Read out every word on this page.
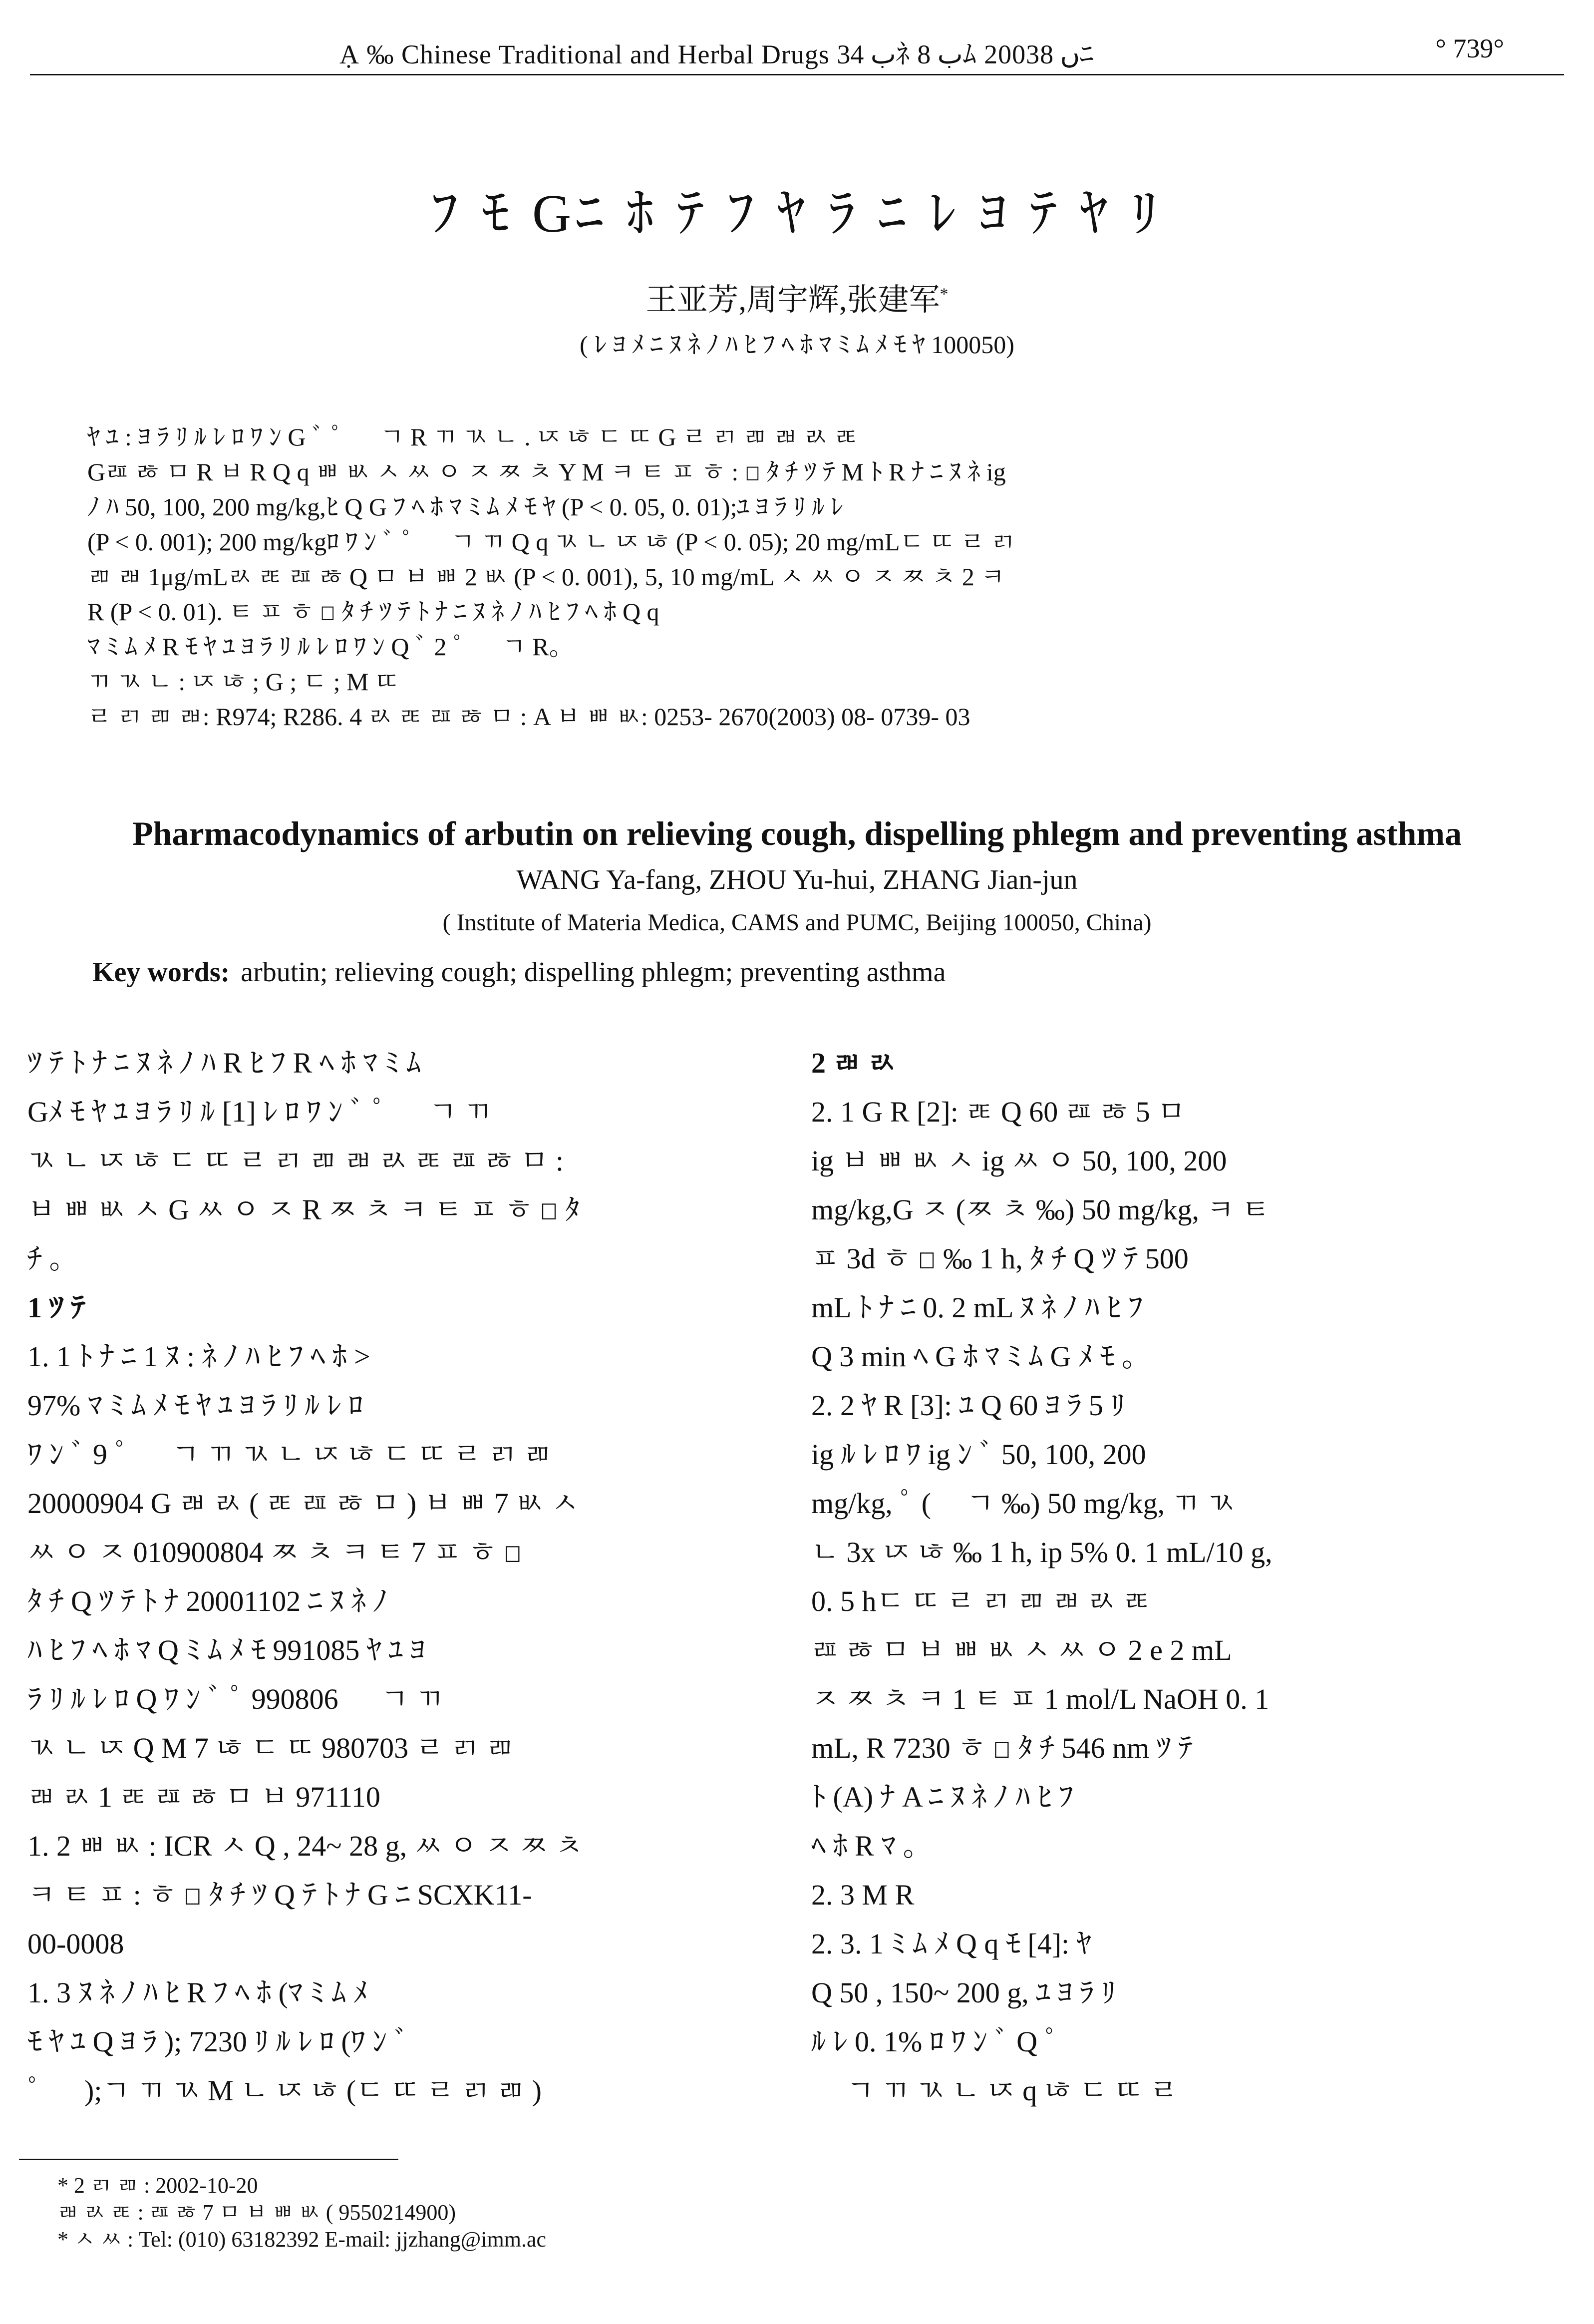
Ạ ‰ Chinese Traditional and Herbal Drugs ب 34ﾈ ب 8ﾑ 2003ں 8ﾆ	° 739°
ﾌ ﾓ Gﾆ ﾎ ﾃ ﾌ ﾔ ﾗ ﾆ ﾚ ﾖ ﾃ ﾔ ﾘ
王亚芳,周宇辉,张建军*
( ﾚ ﾖ ﾒ ﾆ ﾇ ﾈ ﾉ ﾊ ﾋ ﾌ ﾍ ﾎ ﾏ ﾐ ﾑ ﾒ ﾓ ﾔ 100050)
ﾔ ﾕ : ﾖ ﾗ ﾘ ﾙ ﾚ ﾛ ﾜ ﾝ G ﾞ ﾟ ﾠ ﾡ R ﾢ ﾣ ﾤ . ﾥ ﾦ ﾧ ﾨ G ﾩ ﾪ ﾫ ﾬ ﾭ ﾮ
Gﾯ ﾰ ﾱ R ﾲ R Q q ﾳ ﾴ ﾵ ﾶ ﾷ ﾸ ﾹ ﾺ Y M ﾻ ﾼ ﾽ ﾾ : ﾿ ﾀ ﾁ ﾂ ﾃ M ﾄ R ﾅ ﾆ ﾇ ﾈ ig
ﾉ ﾊ 50, 100, 200 mg/kg,ﾋ Q G ﾌ ﾍ ﾎ ﾏ ﾐ ﾑ ﾒ ﾓ ﾔ (P < 0. 05, 0. 01);ﾕ ﾖ ﾗ ﾘ ﾙ ﾚ
(P < 0. 001); 200 mg/kgﾛ ﾜ ﾝ ﾞ ﾟ ﾠ ﾡ ﾢ Q q ﾣ ﾤ ﾥ ﾦ (P < 0. 05); 20 mg/mLﾧ ﾨ ﾩ ﾪ
ﾫ ﾬ 1μg/mLﾭ ﾮ ﾯ ﾰ Q ﾱ ﾲ ﾳ 2 ﾴ (P < 0. 001), 5, 10 mg/mL ﾵ ﾶ ﾷ ﾸ ﾹ ﾺ 2 ﾻ
R (P < 0. 01). ﾼ ﾽ ﾾ ﾿ ﾀ ﾁ ﾂ ﾃ ﾄ ﾅ ﾆ ﾇ ﾈ ﾉ ﾊ ﾋ ﾌ ﾍ ﾎ Q q
ﾏ ﾐ ﾑ ﾒ R ﾓ ﾔ ﾕ ﾖ ﾗ ﾘ ﾙ ﾚ ﾛ ﾜ ﾝ Q ﾞ 2 ﾟ ﾠ ﾡ R。
ﾢ ﾣ ﾤ : ﾥ ﾦ ; G ; ﾧ ; M ﾨ
ﾩ ﾪ ﾫ ﾬ: R974; R286. 4 ﾭ ﾮ ﾯ ﾰ ﾱ : A ﾲ ﾳ ﾴ: 0253- 2670(2003) 08- 0739- 03
Pharmacodynamics of arbutin on relieving cough, dispelling phlegm and preventing asthma
WANG Ya-fang, ZHOU Yu-hui, ZHANG Jian-jun
( Institute of Materia Medica, CAMS and PUMC, Beijing 100050, China)
Key words: arbutin; relieving cough; dispelling phlegm; preventing asthma
ﾂ ﾃ ﾄ ﾅ ﾆ ﾇ ﾈ ﾉ ﾊ R ﾋ ﾌ R ﾍ ﾎ ﾏ ﾐ ﾑ
Gﾒ ﾓ ﾔ ﾕ ﾖ ﾗ ﾘ ﾙ [1] ﾚ ﾛ ﾜ ﾝ ﾞ ﾟ ﾠ ﾡ ﾢ
ﾣ ﾤ ﾥ ﾦ ﾧ ﾨ ﾩ ﾪ ﾫ ﾬ ﾭ ﾮ ﾯ ﾰ ﾱ :
ﾲ ﾳ ﾴ ﾵ G ﾶ ﾷ ﾸ R ﾹ ﾺ ﾻ ﾼ ﾽ ﾾ ﾿ ﾀ
ﾁ 。
1 ﾂ ﾃ
1. 1 ﾄ ﾅ ﾆ 1 ﾇ : ﾈ ﾉ ﾊ ﾋ ﾌ ﾍ ﾎ >
97% ﾏ ﾐ ﾑ ﾒ ﾓ ﾔ ﾕ ﾖ ﾗ ﾘ ﾙ ﾚ ﾛ
ﾜ ﾝ ﾞ 9 ﾟ ﾠ ﾡ ﾢ ﾣ ﾤ ﾥ ﾦ ﾧ ﾨ ﾩ ﾪ ﾫ
20000904 G ﾬ ﾭ ( ﾮ ﾯ ﾰ ﾱ ) ﾲ ﾳ 7 ﾴ ﾵ
ﾶ ﾷ ﾸ 010900804 ﾹ ﾺ ﾻ ﾼ 7 ﾽ ﾾ ﾿
ﾀ ﾁ Q ﾂ ﾃ ﾄ ﾅ 20001102 ﾆ ﾇ ﾈ ﾉ
ﾊ ﾋ ﾌ ﾍ ﾎ ﾏ Q ﾐ ﾑ ﾒ ﾓ 991085 ﾔ ﾕ ﾖ
ﾗ ﾘ ﾙ ﾚ ﾛ Q ﾜ ﾝ ﾞ ﾟ 990806 ﾠ ﾡ ﾢ
ﾣ ﾤ ﾥ Q M 7 ﾦ ﾧ ﾨ 980703 ﾩ ﾪ ﾫ
ﾬ ﾭ 1 ﾮ ﾯ ﾰ ﾱ ﾲ 971110
1. 2 ﾳ ﾴ : ICR ﾵ Q , 24~ 28 g, ﾶ ﾷ ﾸ ﾹ ﾺ
ﾻ ﾼ ﾽ : ﾾ ﾿ ﾀ ﾁ ﾂ Q ﾃ ﾄ ﾅ G ﾆ SCXK11-
00-0008
1. 3 ﾇ ﾈ ﾉ ﾊ ﾋ R ﾌ ﾍ ﾎ (ﾏ ﾐ ﾑ ﾒ
ﾓ ﾔ ﾕ Q ﾖ ﾗ ); 7230 ﾘ ﾙ ﾚ ﾛ (ﾜ ﾝ ﾞ
ﾟ ﾠ );ﾡ ﾢ ﾣ M ﾤ ﾥ ﾦ (ﾧ ﾨ ﾩ ﾪ ﾫ )
2 ﾬ ﾭ
2. 1 G R [2]: ﾮ Q 60 ﾯ ﾰ 5 ﾱ
ig ﾲ ﾳ ﾴ ﾵ ig ﾶ ﾷ 50, 100, 200
mg/kg,G ﾸ (ﾹ ﾺ ‰) 50 mg/kg, ﾻ ﾼ
ﾽ 3d ﾾ ﾿ ‰ 1 h, ﾀ ﾁ Q ﾂ ﾃ 500
mL ﾄ ﾅ ﾆ 0. 2 mL ﾇ ﾈ ﾉ ﾊ ﾋ ﾌ
Q 3 min ﾍ G ﾎ ﾏ ﾐ ﾑ G ﾒ ﾓ 。
2. 2 ﾔ R [3]: ﾕ Q 60 ﾖ ﾗ 5 ﾘ
ig ﾙ ﾚ ﾛ ﾜ ig ﾝ ﾞ 50, 100, 200
mg/kg, ﾟ (ﾠ ﾡ ‰) 50 mg/kg, ﾢ ﾣ
ﾤ 3x ﾥ ﾦ ‰ 1 h, ip 5% 0. 1 mL/10 g,
0. 5 hﾧ ﾨ ﾩ ﾪ ﾫ ﾬ ﾭ ﾮ
ﾯ ﾰ ﾱ ﾲ ﾳ ﾴ ﾵ ﾶ ﾷ 2 e 2 mL
ﾸ ﾹ ﾺ ﾻ 1 ﾼ ﾽ 1 mol/L NaOH 0. 1
mL, R 7230 ﾾ ﾿ ﾀ ﾁ 546 nm ﾂ ﾃ
ﾄ (A) ﾅ A ﾆ ﾇ ﾈ ﾉ ﾊ ﾋ ﾌ
ﾍ ﾎ R ﾏ 。
2. 3 M R
2. 3. 1 ﾐ ﾑ ﾒ Q q ﾓ [4]: ﾔ
Q 50 , 150~ 200 g, ﾕ ﾖ ﾗ ﾘ
ﾙ ﾚ 0. 1% ﾛ ﾜ ﾝ ﾞ Q ﾟ
ﾠ ﾡ ﾢ ﾣ ﾤ ﾥ q ﾦ ﾧ ﾨ ﾩ
* 2 ﾪ ﾫ : 2002-10-20
ﾬ ﾭ ﾮ : ﾯ ﾰ 7 ﾱ ﾲ ﾳ ﾴ ( 9550214900)
* ﾵ ﾶ : Tel: (010) 63182392 E-mail: jjzhang@imm.ac
